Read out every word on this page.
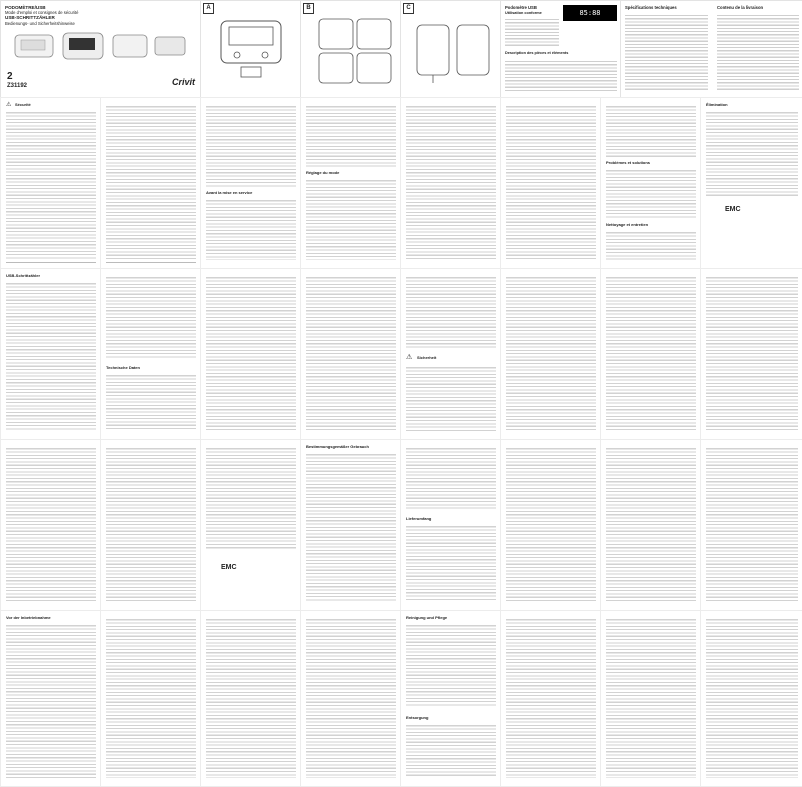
PODOMÈTRE/USB
Mode d'emploi et consignes de sécurité

USB-SCHRITTZÄHLER
Bedienungs- und Sicherheitshinweise
2
Z31192	Crivit
A	B	C	Podomètre USB
Utilisation conforme	85:88
Description des pièces et éléments
Spécifications techniques	Contenu de la livraison
⚠ Sécurité
Avant la mise en service
Réglage du mode
Problèmes et solutions
Nettoyage et entretien
Élimination
EMC
USB-Schrittzähler
Technische Daten
⚠ Sicherheit
EMC
Bestimmungsgemäßer Gebrauch
Lieferumfang
Vor der Inbetriebnahme	Reinigung und Pflege
Entsorgung
